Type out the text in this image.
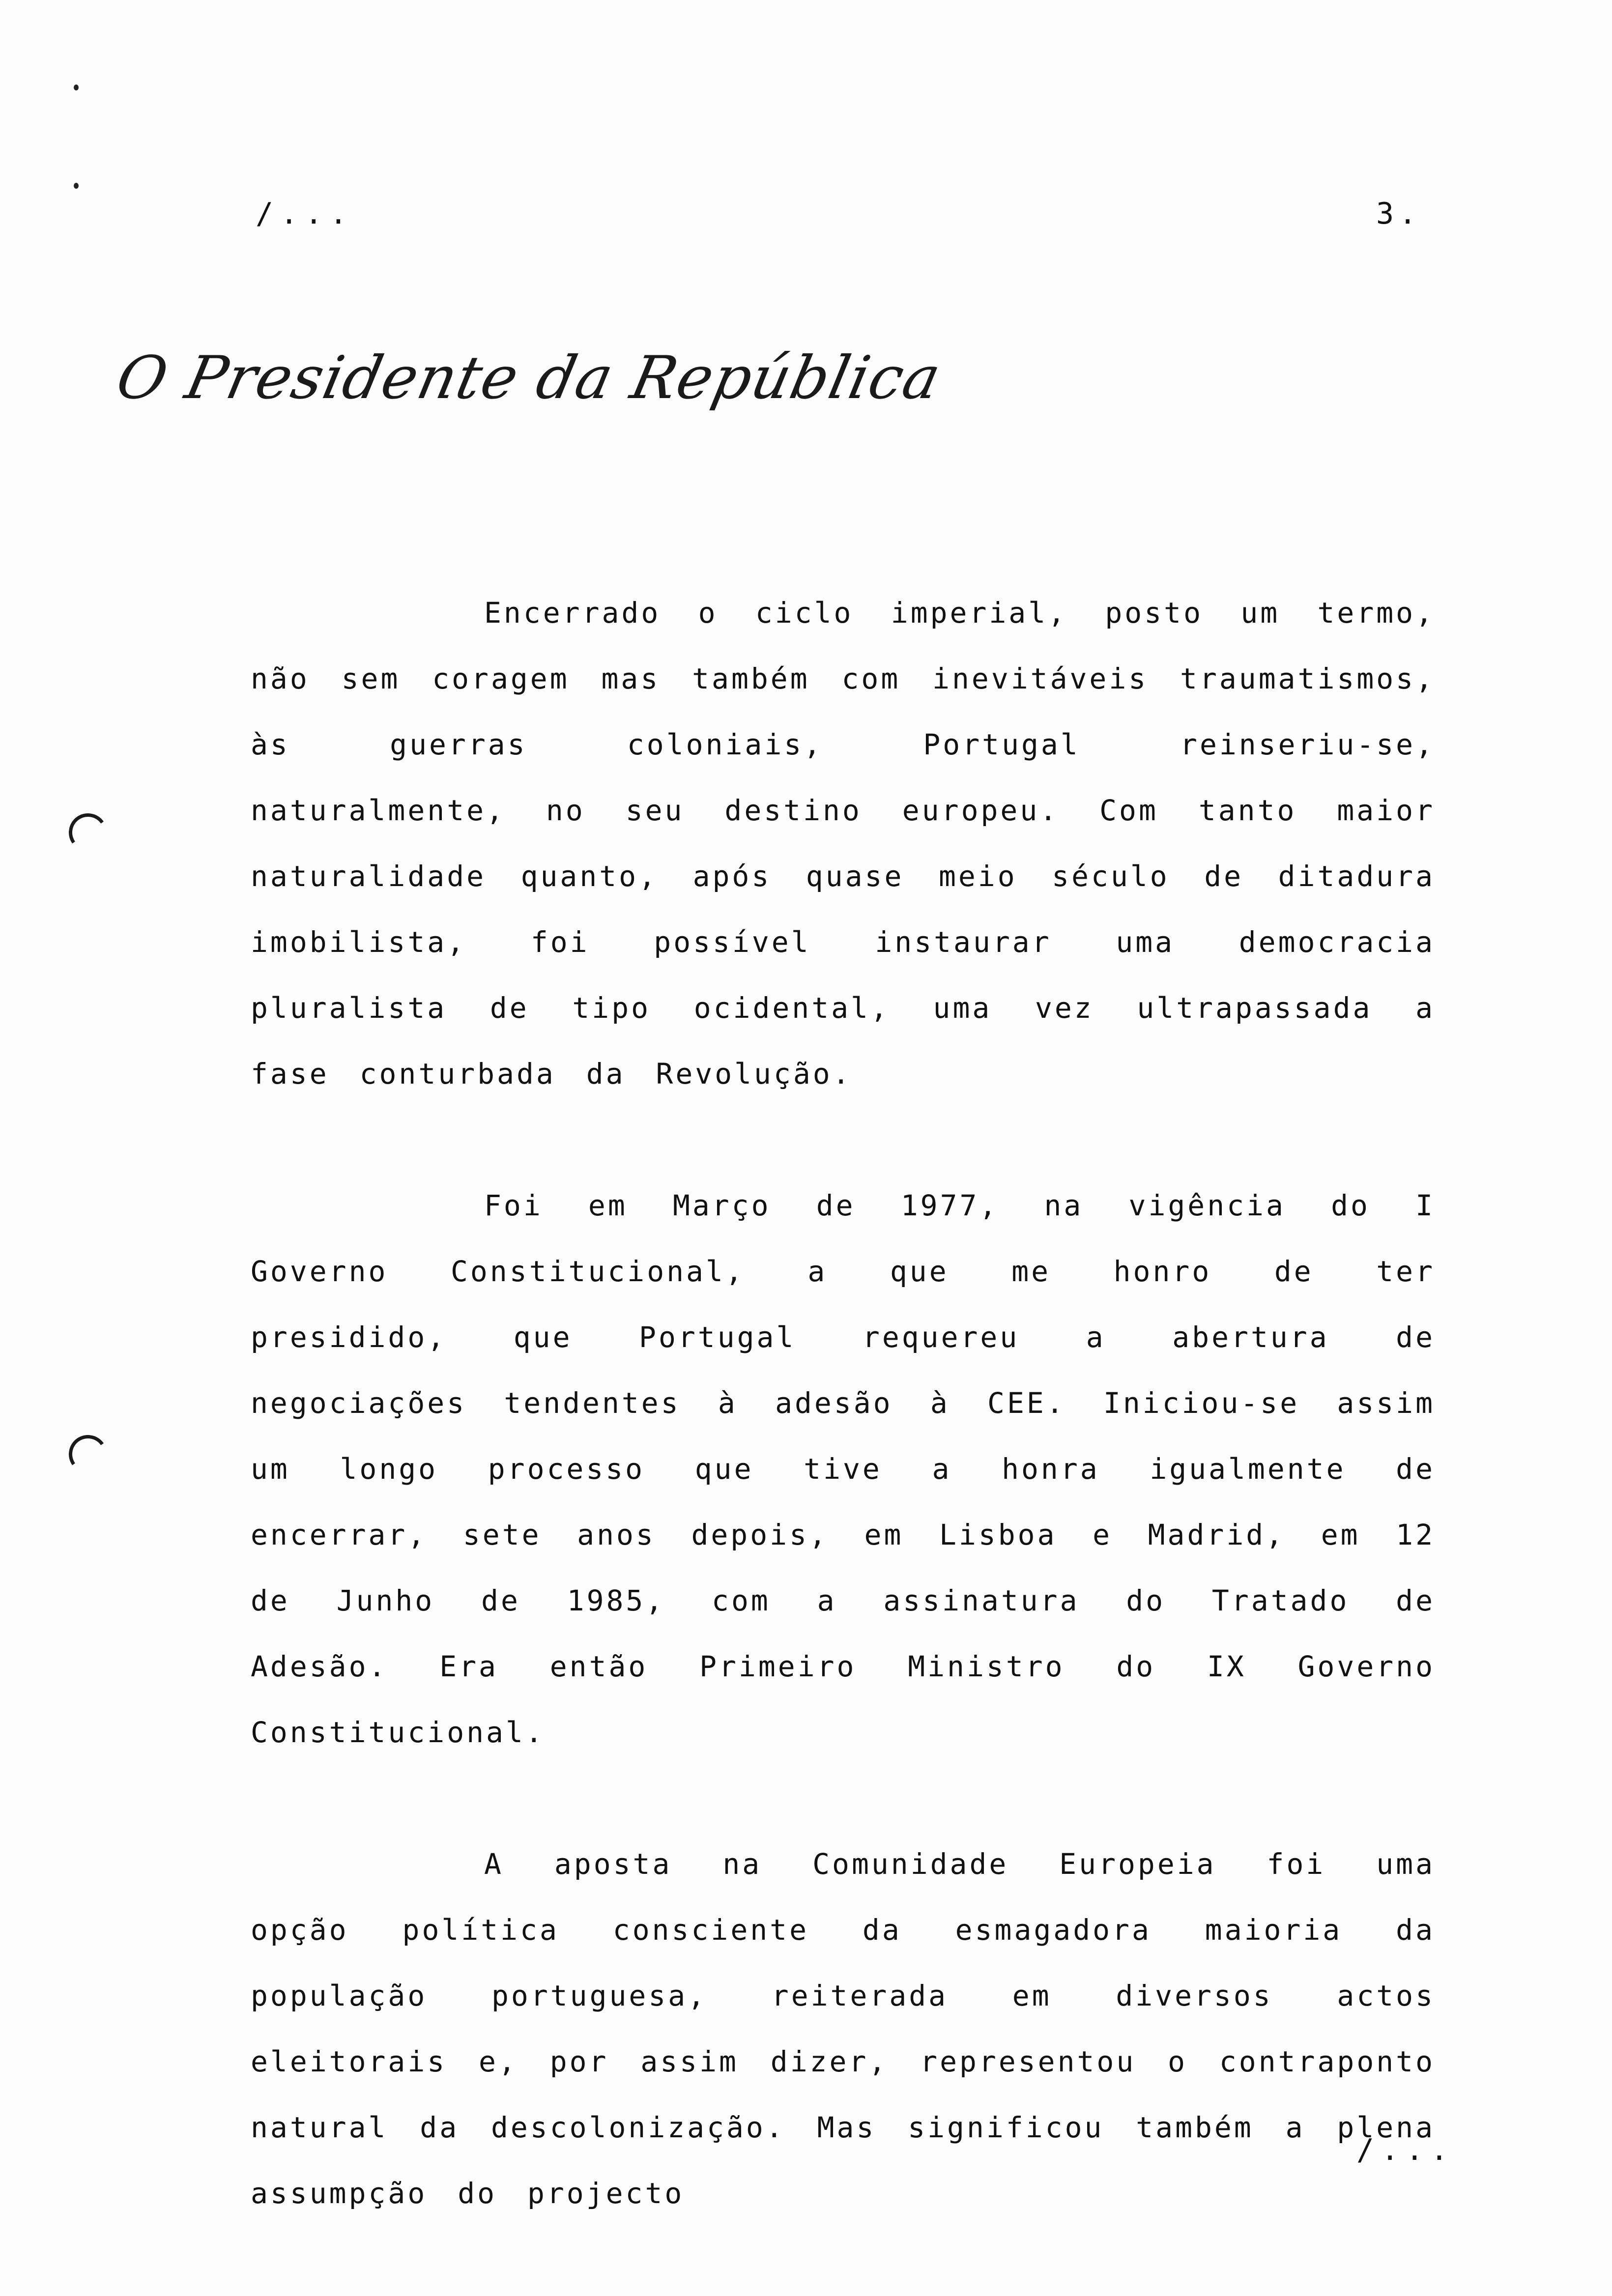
/...	3.
O Presidente da República

Encerrado o ciclo imperial, posto um termo, não sem coragem mas também com inevitáveis traumatismos, às guerras coloniais, Portugal reinseriu-se, naturalmente, no seu destino europeu. Com tanto maior naturalidade quanto, após quase meio século de ditadura imobilista, foi possível instaurar uma democracia pluralista de tipo ocidental, uma vez ultrapassada a fase conturbada da Revolução.

Foi em Março de 1977, na vigência do I Governo Constitucional, a que me honro de ter presidido, que Portugal requereu a abertura de negociações tendentes à adesão à CEE. Iniciou-se assim um longo processo que tive a honra igualmente de encerrar, sete anos depois, em Lisboa e Madrid, em 12 de Junho de 1985, com a assinatura do Tratado de Adesão. Era então Primeiro Ministro do IX Governo Constitucional.

A aposta na Comunidade Europeia foi uma opção política consciente da esmagadora maioria da população portuguesa, reiterada em diversos actos eleitorais e, por assim dizer, representou o contraponto natural da descolonização. Mas significou também a plena assumpção do projecto

/...
